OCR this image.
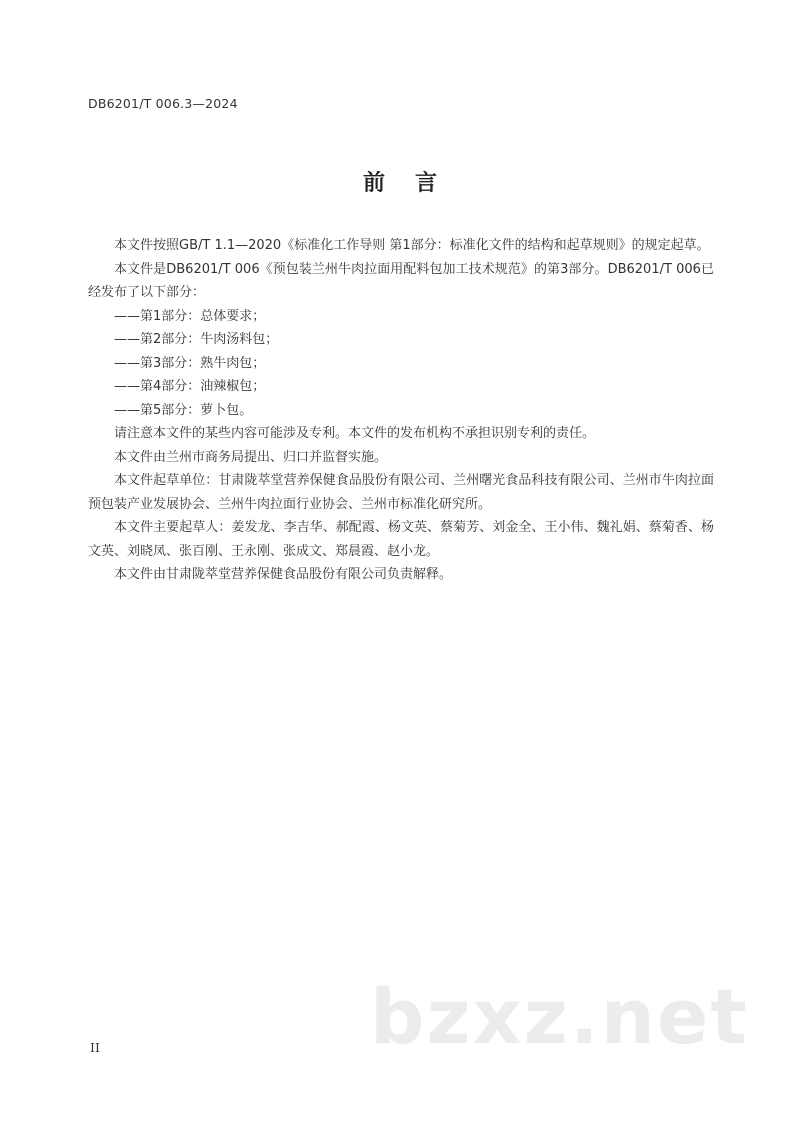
DB6201/T 006.3—2024
前言

本文件按照GB/T 1.1—2020《标准化工作导则 第1部分：标准化文件的结构和起草规则》的规定起草。

本文件是DB6201/T 006《预包装兰州牛肉拉面用配料包加工技术规范》的第3部分。DB6201/T 006已经发布了以下部分：

——第1部分：总体要求；

——第2部分：牛肉汤料包；

——第3部分：熟牛肉包；

——第4部分：油辣椒包；

——第5部分：萝卜包。

请注意本文件的某些内容可能涉及专利。本文件的发布机构不承担识别专利的责任。

本文件由兰州市商务局提出、归口并监督实施。

本文件起草单位：甘肃陇萃堂营养保健食品股份有限公司、兰州曙光食品科技有限公司、兰州市牛肉拉面预包装产业发展协会、兰州牛肉拉面行业协会、兰州市标准化研究所。

本文件主要起草人：姜发龙、李吉华、郝配霞、杨文英、蔡菊芳、刘金全、王小伟、魏礼娟、蔡菊香、杨文英、刘晓凤、张百刚、王永刚、张成文、郑晨霞、赵小龙。

本文件由甘肃陇萃堂营养保健食品股份有限公司负责解释。

II	bzxz.net
